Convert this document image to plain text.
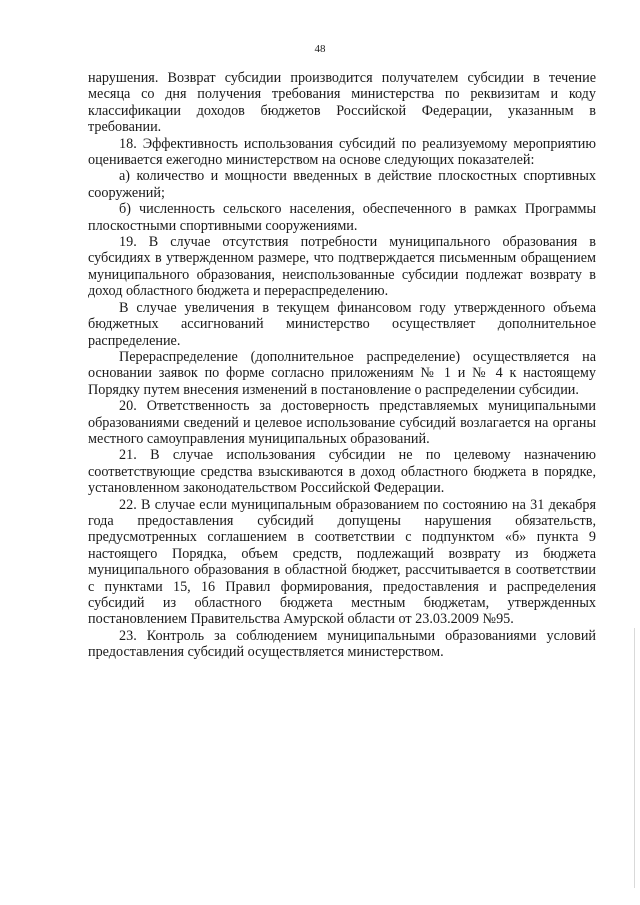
48

нарушения. Возврат субсидии производится получателем субсидии в течение месяца со дня получения требования министерства по реквизитам и коду классификации доходов бюджетов Российской Федерации, указанным в требовании.

18. Эффективность использования субсидий по реализуемому мероприятию оценивается ежегодно министерством на основе следующих показателей:

а) количество и мощности введенных в действие плоскостных спортивных сооружений;

б) численность сельского населения, обеспеченного в рамках Программы плоскостными спортивными сооружениями.

19. В случае отсутствия потребности муниципального образования в субсидиях в утвержденном размере, что подтверждается письменным обращением муниципального образования, неиспользованные субсидии подлежат возврату в доход областного бюджета и перераспределению.

В случае увеличения в текущем финансовом году утвержденного объема бюджетных ассигнований министерство осуществляет дополнительное распределение.

Перераспределение (дополнительное распределение) осуществляется на основании заявок по форме согласно приложениям № 1 и № 4 к настоящему Порядку путем внесения изменений в постановление о распределении субсидии.

20. Ответственность за достоверность представляемых муниципальными образованиями сведений и целевое использование субсидий возлагается на органы местного самоуправления муниципальных образований.

21. В случае использования субсидии не по целевому назначению соответствующие средства взыскиваются в доход областного бюджета в порядке, установленном законодательством Российской Федерации.

22. В случае если муниципальным образованием по состоянию на 31 декабря года предоставления субсидий допущены нарушения обязательств, предусмотренных соглашением в соответствии с подпунктом «б» пункта 9 настоящего Порядка, объем средств, подлежащий возврату из бюджета муниципального образования в областной бюджет, рассчитывается в соответствии с пунктами 15, 16 Правил формирования, предоставления и распределения субсидий из областного бюджета местным бюджетам, утвержденных постановлением Правительства Амурской области от 23.03.2009 №95.

23. Контроль за соблюдением муниципальными образованиями условий предоставления субсидий осуществляется министерством.
